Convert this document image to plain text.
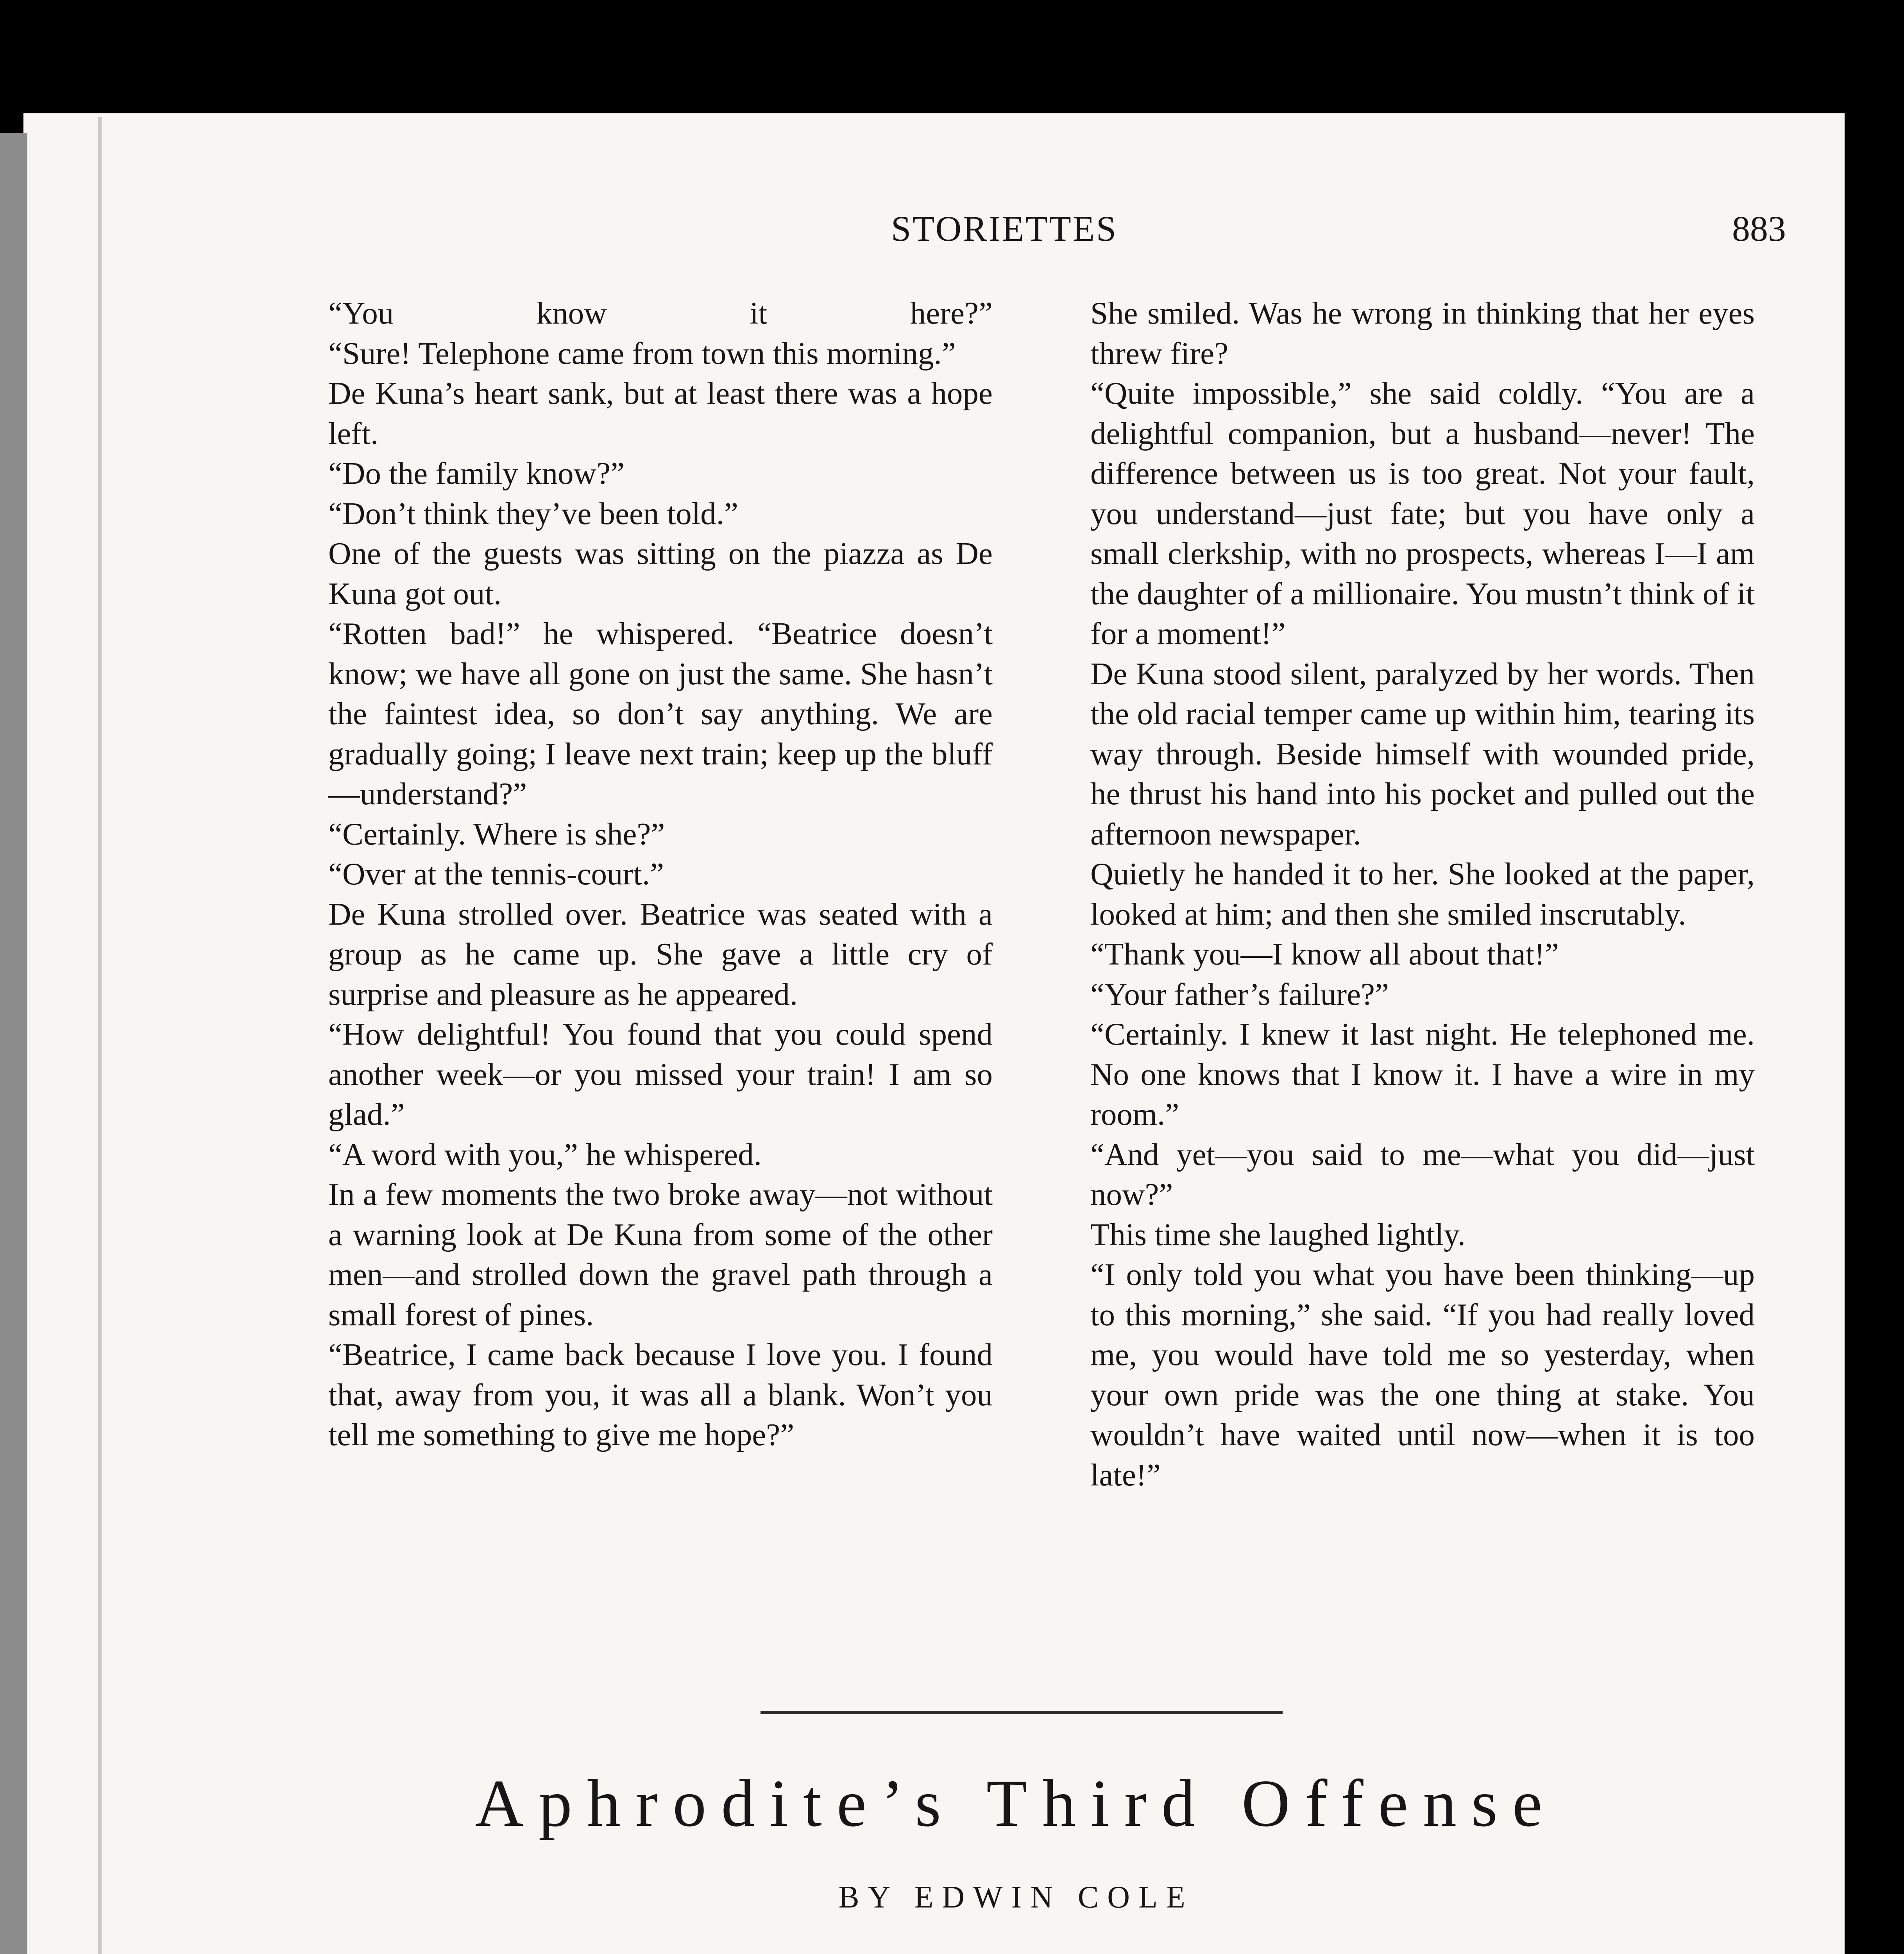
STORIETTES	883

“You know it here?”

“Sure! Telephone came from town this morning.”

De Kuna’s heart sank, but at least there was a hope left.

“Do the family know?”

“Don’t think they’ve been told.”

One of the guests was sitting on the piazza as De Kuna got out.

“Rotten bad!” he whispered. “Beatrice doesn’t know; we have all gone on just the same. She hasn’t the faintest idea, so don’t say anything. We are gradually going; I leave next train; keep up the bluff—understand?”

“Certainly. Where is she?”

“Over at the tennis-court.”

De Kuna strolled over. Beatrice was seated with a group as he came up. She gave a little cry of surprise and pleasure as he appeared.

“How delightful! You found that you could spend another week—or you missed your train! I am so glad.”

“A word with you,” he whispered.

In a few moments the two broke away—not without a warning look at De Kuna from some of the other men—and strolled down the gravel path through a small forest of pines.

“Beatrice, I came back because I love you. I found that, away from you, it was all a blank. Won’t you tell me something to give me hope?”

She smiled. Was he wrong in thinking that her eyes threw fire?

“Quite impossible,” she said coldly. “You are a delightful companion, but a husband—never! The difference between us is too great. Not your fault, you understand—just fate; but you have only a small clerkship, with no prospects, whereas I—I am the daughter of a millionaire. You mustn’t think of it for a moment!”

De Kuna stood silent, paralyzed by her words. Then the old racial temper came up within him, tearing its way through. Beside himself with wounded pride, he thrust his hand into his pocket and pulled out the afternoon newspaper.

Quietly he handed it to her. She looked at the paper, looked at him; and then she smiled inscrutably.

“Thank you—I know all about that!”

“Your father’s failure?”

“Certainly. I knew it last night. He telephoned me. No one knows that I know it. I have a wire in my room.”

“And yet—you said to me—what you did—just now?”

This time she laughed lightly.

“I only told you what you have been thinking—up to this morning,” she said. “If you had really loved me, you would have told me so yesterday, when your own pride was the one thing at stake. You wouldn’t have waited until now—when it is too late!”

Aphrodite’s Third Offense
BY EDWIN COLE
